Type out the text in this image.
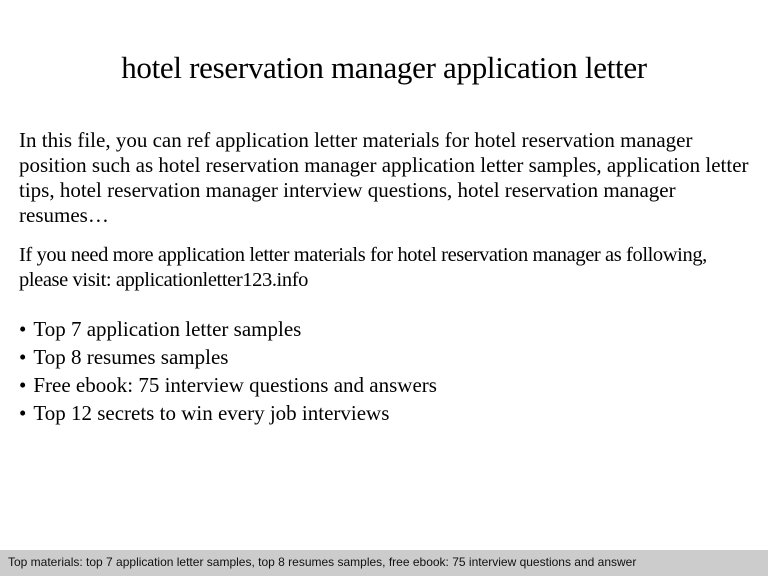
hotel reservation manager application letter
In this file, you can ref application letter materials for hotel reservation manager position such as hotel reservation manager application letter samples, application letter tips, hotel reservation manager interview questions, hotel reservation manager resumes…
If you need more application letter materials for hotel reservation manager as following, please visit: applicationletter123.info
• Top 7 application letter samples
• Top 8 resumes samples
• Free ebook: 75 interview questions and answers
• Top 12 secrets to win every job interviews
Top materials: top 7 application letter samples, top 8 resumes samples, free ebook: 75 interview questions and answer
